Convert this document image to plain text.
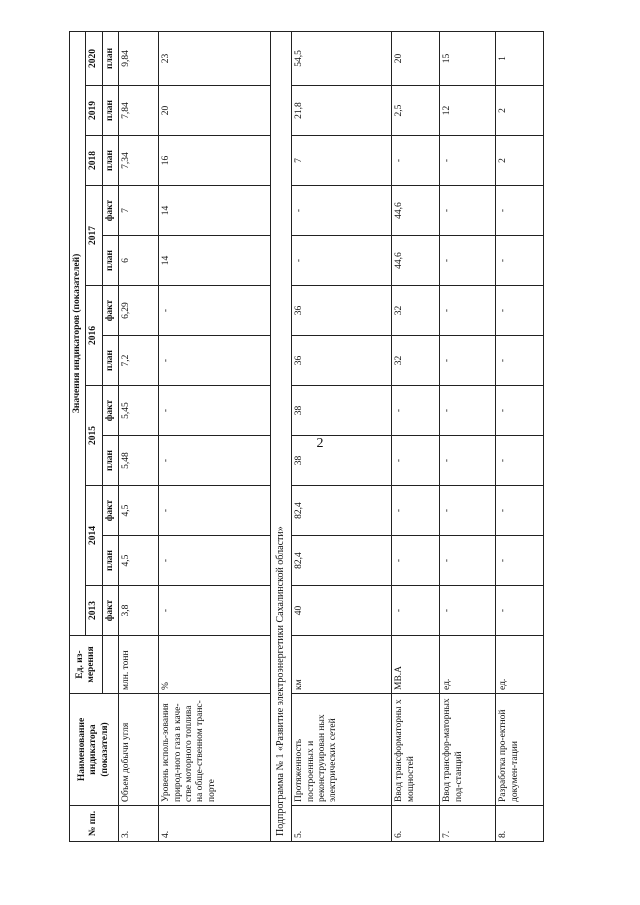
2
№ пп.	Наименование индикатора (показателя)	Ед. из-мерения	Значения индикаторов (показателей)											
			2013	2014		2015		2016		2017		2018	2019	2020
			факт	план	факт	план	факт	план	факт	план	факт	план	план	план
3.	Объем добычи угля	млн. тонн	3,8	4,5	4,5	5,48	5,45	7,2	6,29	6	7	7,34	7,84	9,84
4.	Уровень исполь-зования природ-ного газа в каче-стве моторного топлива на обще-ственном транс-порте	%	-	-	-	-	-	-	-	14	14	16	20	23
Подпрограмма № 1 «Развитие электроэнергетики Сахалинской области»														
5.	Протяженность построенных и реконструирован ных электрических сетей	км	40	82,4	82,4	38	38	36	36	-	-	7	21,8	54,5
6.	Ввод трансформаторны х мощностей	МВ.А	-	-	-	-	-	32	32	44,6	44,6	-	2,5	20
7.	Ввод трансфор-маторных под-станций	ед.	-	-	-	-	-	-	-	-	-	-	12	15
8.	Разработка про-ектной докумен-тации	ед.	-	-	-	-	-	-	-	-	-	2	2	1
